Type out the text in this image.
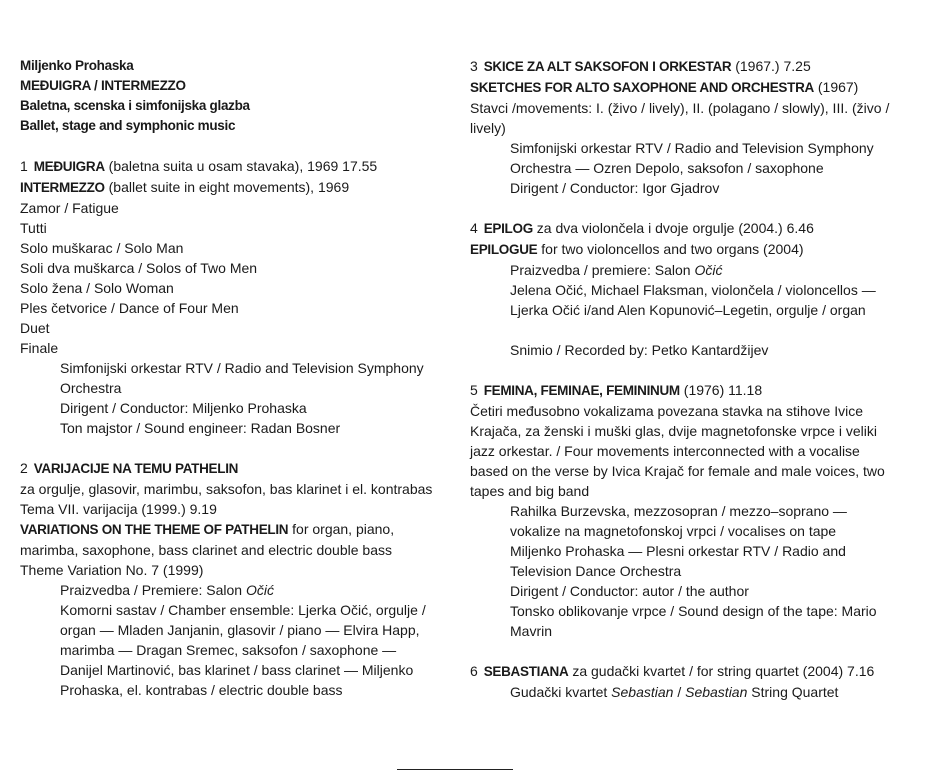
Miljenko Prohaska
MEĐUIGRA / INTERMEZZO
Baletna, scenska i simfonijska glazba
Ballet, stage and symphonic music
1 MEĐUIGRA (baletna suita u osam stavaka), 1969 17.55
INTERMEZZO (ballet suite in eight movements), 1969
Zamor / Fatigue
Tutti
Solo muškarac / Solo Man
Soli dva muškarca / Solos of Two Men
Solo žena / Solo Woman
Ples četvorice / Dance of Four Men
Duet
Finale
Simfonijski orkestar RTV / Radio and Television Symphony
Orchestra
Dirigent / Conductor: Miljenko Prohaska
Ton majstor / Sound engineer: Radan Bosner
2 VARIJACIJE NA TEMU PATHELIN
za orgulje, glasovir, marimbu, saksofon, bas klarinet i el. kontrabas
Tema VII. varijacija (1999.) 9.19
VARIATIONS ON THE THEME OF PATHELIN for organ, piano,
marimba, saxophone, bass clarinet and electric double bass
Theme Variation No. 7 (1999)
Praizvedba / Premiere: Salon Očić
Komorni sastav / Chamber ensemble: Ljerka Očić, orgulje /
organ — Mladen Janjanin, glasovir / piano — Elvira Happ,
marimba — Dragan Sremec, saksofon / saxophone —
Danijel Martinović, bas klarinet / bass clarinet — Miljenko
Prohaska, el. kontrabas / electric double bass
3 SKICE ZA ALT SAKSOFON I ORKESTAR (1967.) 7.25
SKETCHES FOR ALTO SAXOPHONE AND ORCHESTRA (1967)
Stavci /movements: I. (živo / lively), II. (polagano / slowly), III. (živo / lively)
Simfonijski orkestar RTV / Radio and Television Symphony
Orchestra — Ozren Depolo, saksofon / saxophone
Dirigent / Conductor: Igor Gjadrov
4 EPILOG za dva violončela i dvoje orgulje (2004.) 6.46
EPILOGUE for two violoncellos and two organs (2004)
Praizvedba / premiere: Salon Očić
Jelena Očić, Michael Flaksman, violončela / violoncellos —
Ljerka Očić i/and Alen Kopunović–Legetin, orgulje / organ
Snimio / Recorded by: Petko Kantardžijev
5 FEMINA, FEMINAE, FEMININUM (1976) 11.18
Četiri međusobno vokalizama povezana stavka na stihove Ivice
Krajača, za ženski i muški glas, dvije magnetofonske vrpce i veliki
jazz orkestar. / Four movements interconnected with a vocalise
based on the verse by Ivica Krajač for female and male voices, two
tapes and big band
Rahilka Burzevska, mezzosopran / mezzo–soprano —
vokalize na magnetofonskoj vrpci / vocalises on tape
Miljenko Prohaska — Plesni orkestar RTV / Radio and
Television Dance Orchestra
Dirigent / Conductor: autor / the author
Tonsko oblikovanje vrpce / Sound design of the tape: Mario
Mavrin
6 SEBASTIANA za gudački kvartet / for string quartet (2004) 7.16
Gudački kvartet Sebastian / Sebastian String Quartet
